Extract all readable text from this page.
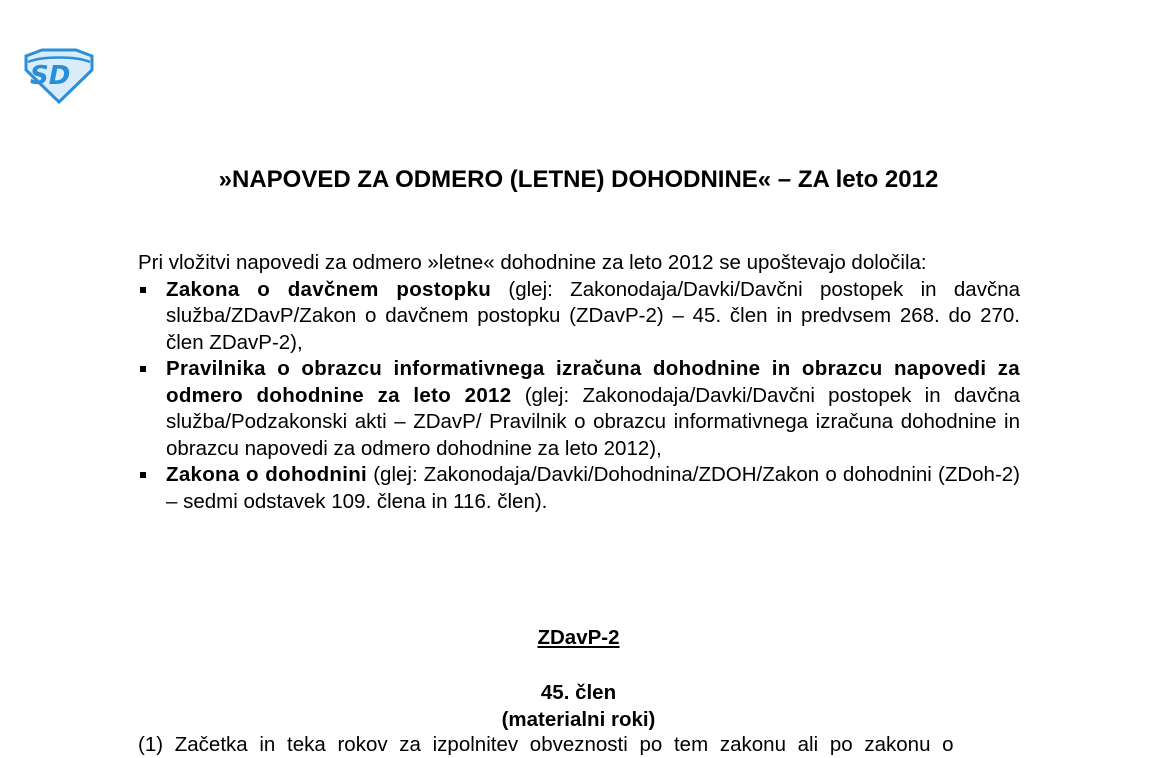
SD
»NAPOVED ZA ODMERO (LETNE) DOHODNINE« – ZA leto 2012

Pri vložitvi napovedi za odmero »letne« dohodnine za leto 2012 se upoštevajo določila:

Zakona o davčnem postopku (glej: Zakonodaja/Davki/Davčni postopek in davčna služba/ZDavP/Zakon o davčnem postopku (ZDavP-2) – 45. člen in predvsem 268. do 270. člen ZDavP-2),
Pravilnika o obrazcu informativnega izračuna dohodnine in obrazcu napovedi za odmero dohodnine za leto 2012 (glej: Zakonodaja/Davki/Davčni postopek in davčna služba/Podzakonski akti – ZDavP/ Pravilnik o obrazcu informativnega izračuna dohodnine in obrazcu napovedi za odmero dohodnine za leto 2012),
Zakona o dohodnini (glej: Zakonodaja/Davki/Dohodnina/ZDOH/Zakon o dohodnini (ZDoh-2) – sedmi odstavek 109. člena in 116. člen).

ZDavP-2

45. člen
(materialni roki)

(1) Začetka in teka rokov za izpolnitev obveznosti po tem zakonu ali po zakonu o
